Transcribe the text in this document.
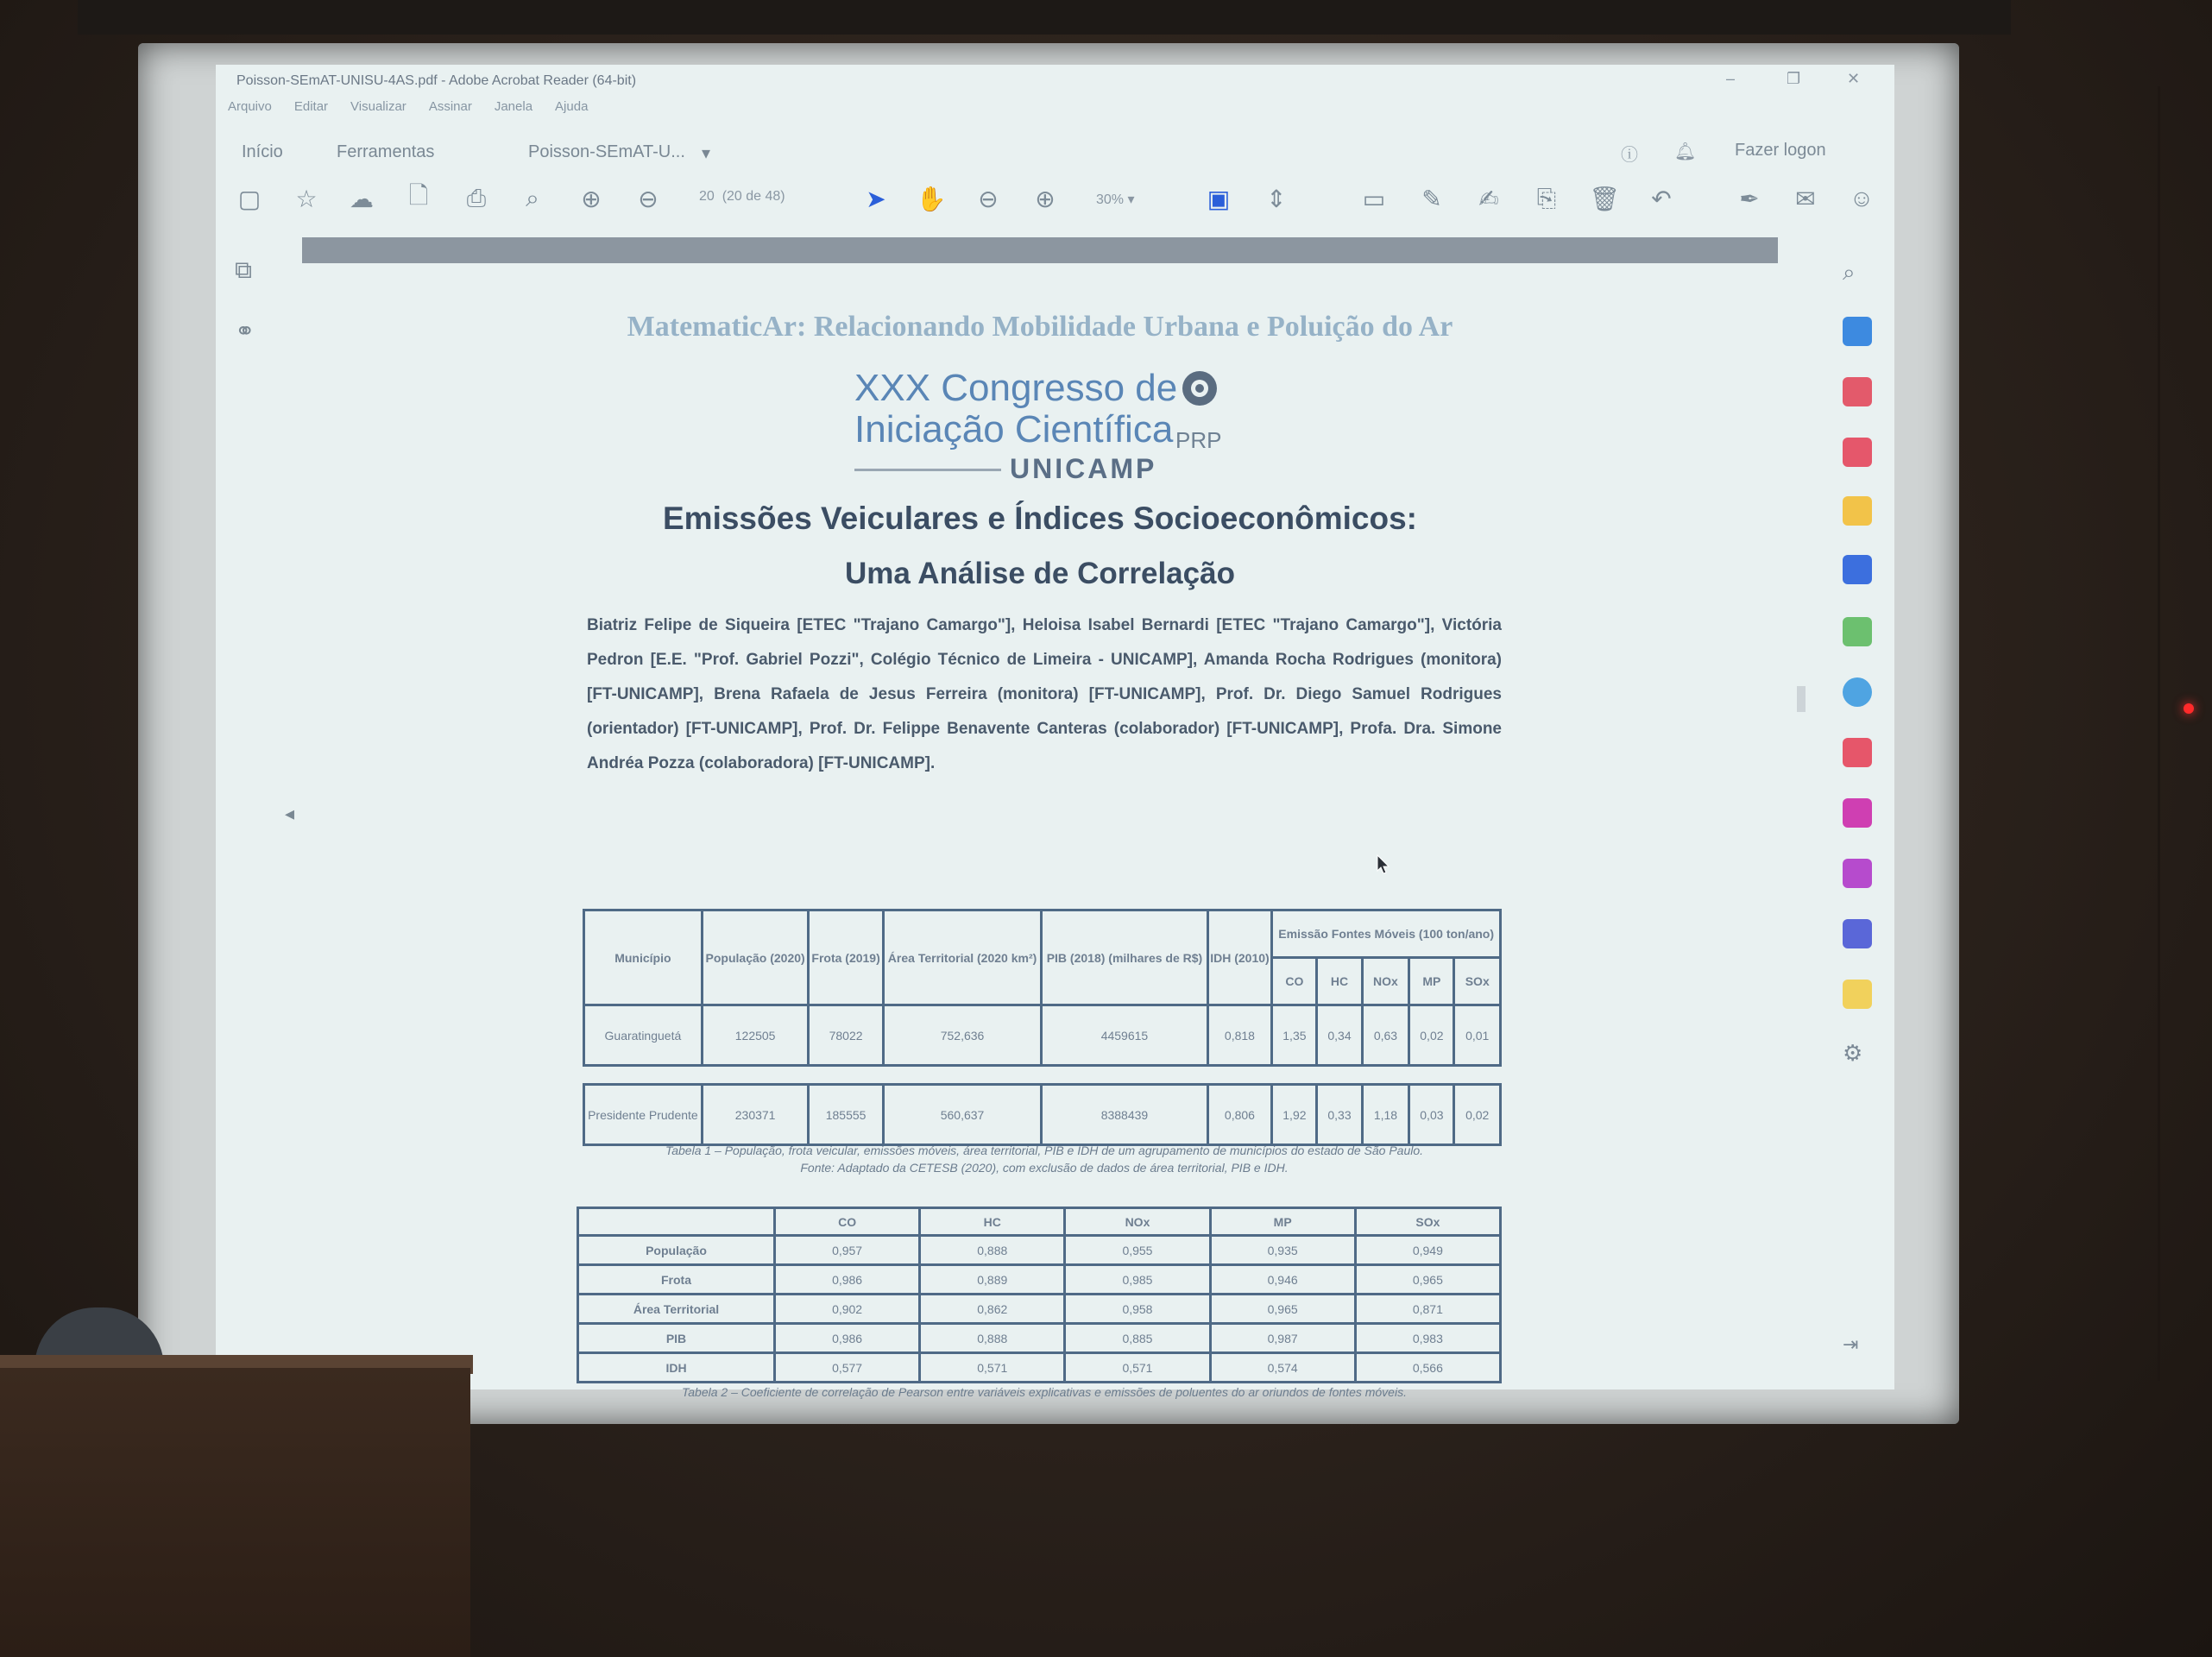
Poisson-SEmAT-UNISU-4AS.pdf - Adobe Acrobat Reader (64-bit)	–	❐	✕
Arquivo Editar Visualizar Assinar Janela Ajuda
Início	Ferramentas	Poisson-SEmAT-U... ▾	ⓘ 🔔︎ Fazer logon
▢ ☆ ☁ 🗋 ⎙	⌕	⊕ ⊖	20 (20 de 48)	➤ ✋ ⊖ ⊕	30% ▾	▣ ⇕	▭ ✎ ✍ ⎘ 🗑︎ ↶	✒ ✉ ☺
⧉
⚭
◂
⌕
⚙
⇥
MatematicAr: Relacionando Mobilidade Urbana e Poluição do Ar
XXX Congresso de
Iniciação Científica
UNICAMP
PRP
Emissões Veiculares e Índices Socioeconômicos:
Uma Análise de Correlação
Biatriz Felipe de Siqueira [ETEC "Trajano Camargo"], Heloisa Isabel Bernardi [ETEC "Trajano Camargo"], Victória Pedron [E.E. "Prof. Gabriel Pozzi", Colégio Técnico de Limeira - UNICAMP], Amanda Rocha Rodrigues (monitora) [FT-UNICAMP], Brena Rafaela de Jesus Ferreira (monitora) [FT-UNICAMP], Prof. Dr. Diego Samuel Rodrigues (orientador) [FT-UNICAMP], Prof. Dr. Felippe Benavente Canteras (colaborador) [FT-UNICAMP], Profa. Dra. Simone Andréa Pozza (colaboradora) [FT-UNICAMP].
Município	População (2020)	Frota (2019)	Área Territorial (2020 km²)	PIB (2018) (milhares de R$)	IDH (2010)	Emissão Fontes Móveis (100 ton/ano)				
						CO	HC	NOx	MP	SOx
Guaratinguetá	122505	78022	752,636	4459615	0,818	1,35	0,34	0,63	0,02	0,01

Presidente Prudente	230371	185555	560,637	8388439	0,806	1,92	0,33	1,18	0,03	0,02
Tabela 1 – População, frota veicular, emissões móveis, área territorial, PIB e IDH de um agrupamento de municípios do estado de São Paulo.
Fonte: Adaptado da CETESB (2020), com exclusão de dados de área territorial, PIB e IDH.
	CO	HC	NOx	MP	SOx
População	0,957	0,888	0,955	0,935	0,949
Frota	0,986	0,889	0,985	0,946	0,965
Área Territorial	0,902	0,862	0,958	0,965	0,871
PIB	0,986	0,888	0,885	0,987	0,983
IDH	0,577	0,571	0,571	0,574	0,566
Tabela 2 – Coeficiente de correlação de Pearson entre variáveis explicativas e emissões de poluentes do ar oriundos de fontes móveis.
